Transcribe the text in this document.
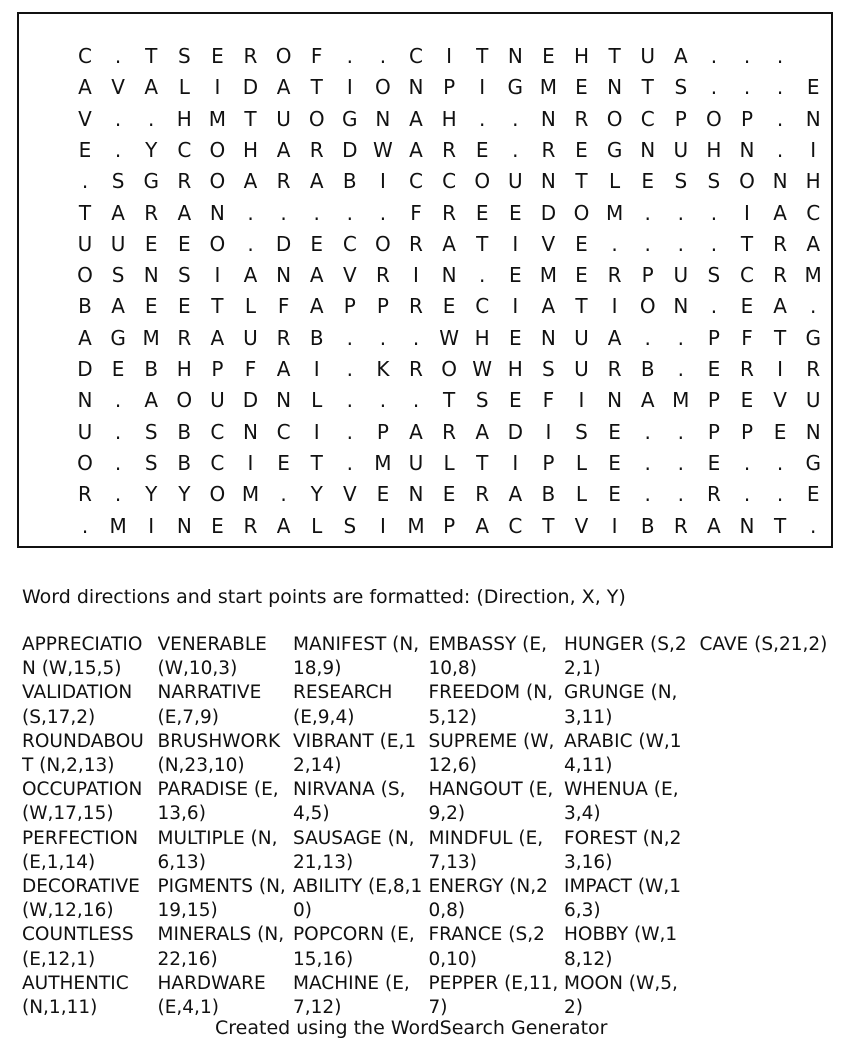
C	.	T S E R O F	.	.	C	I	T N E H T U A	.	.	.
A V A L	I	D A T	I	O N P	I	G M E N T S	.	.	.	E
V	.	.	H M T U O G N A H	.	.	N R O C P O P	.	N
E	.	Y C O H A R D W A R E	.	R E G N U H N	.	I
.	S G R O A R A B	I	C C O U N T L E S S O N H
T A R A N	.	.	.	.	.	F R E E D O M	.	.	.	I	A C
U U E E O	.	D E C O R A T	I	V E	.	.	.	.	T R A
O S N S	I	A N A V R	I	N	.	E M E R P U S C R M
B A E E T L F A P P R E C	I	A T	I	O N	.	E A	.
A G M R A U R B	.	.	.	W H E N U A	.	.	P F T G
D E B H P F A	I	.	K R O W H S U R B	.	E R	I	R
N	.	A O U D N L	.	.	.	T S E F	I	N A M P E V U
U	.	S B C N C	I	.	P A R A D	I	S E	.	.	P P E N
O	.	S B C	I	E T	.	M U L T	I	P L E	.	.	E	.	.	G
R	.	Y Y O M	.	Y V E N E R A B L E	.	.	R	.	.	E
.	M	I	N E R A L S	I	M P A C T V	I	B R A N T	.
Word directions and start points are formatted: (Direction, X, Y)
APPRECIATION (W,15,5)
VALIDATION (S,17,2)
ROUNDABOUT (N,2,13)
OCCUPATION (W,17,15)
PERFECTION (E,1,14)
DECORATIVE (W,12,16)
COUNTLESS (E,12,1)
AUTHENTIC (N,1,11)
VENERABLE (W,10,3)
NARRATIVE (E,7,9)
BRUSHWORK (N,23,10)
PARADISE (E,13,6)
MULTIPLE (N,6,13)
PIGMENTS (N,19,15)
MINERALS (N,22,16)
HARDWARE (E,4,1)
MANIFEST (N,18,9)
RESEARCH (E,9,4)
VIBRANT (E,12,14)
NIRVANA (S,4,5)
SAUSAGE (N,21,13)
ABILITY (E,8,10)
POPCORN (E,15,16)
MACHINE (E,7,12)
EMBASSY (E,10,8)
FREEDOM (N,5,12)
SUPREME (W,12,6)
HANGOUT (E,9,2)
MINDFUL (E,7,13)
ENERGY (N,20,8)
FRANCE (S,20,10)
PEPPER (E,11,7)
HUNGER (S,22,1)
GRUNGE (N,3,11)
ARABIC (W,14,11)
WHENUA (E,3,4)
FOREST (N,23,16)
IMPACT (W,16,3)
HOBBY (W,18,12)
MOON (W,5,2)
CAVE (S,21,2)
Created using the WordSearch Generator
